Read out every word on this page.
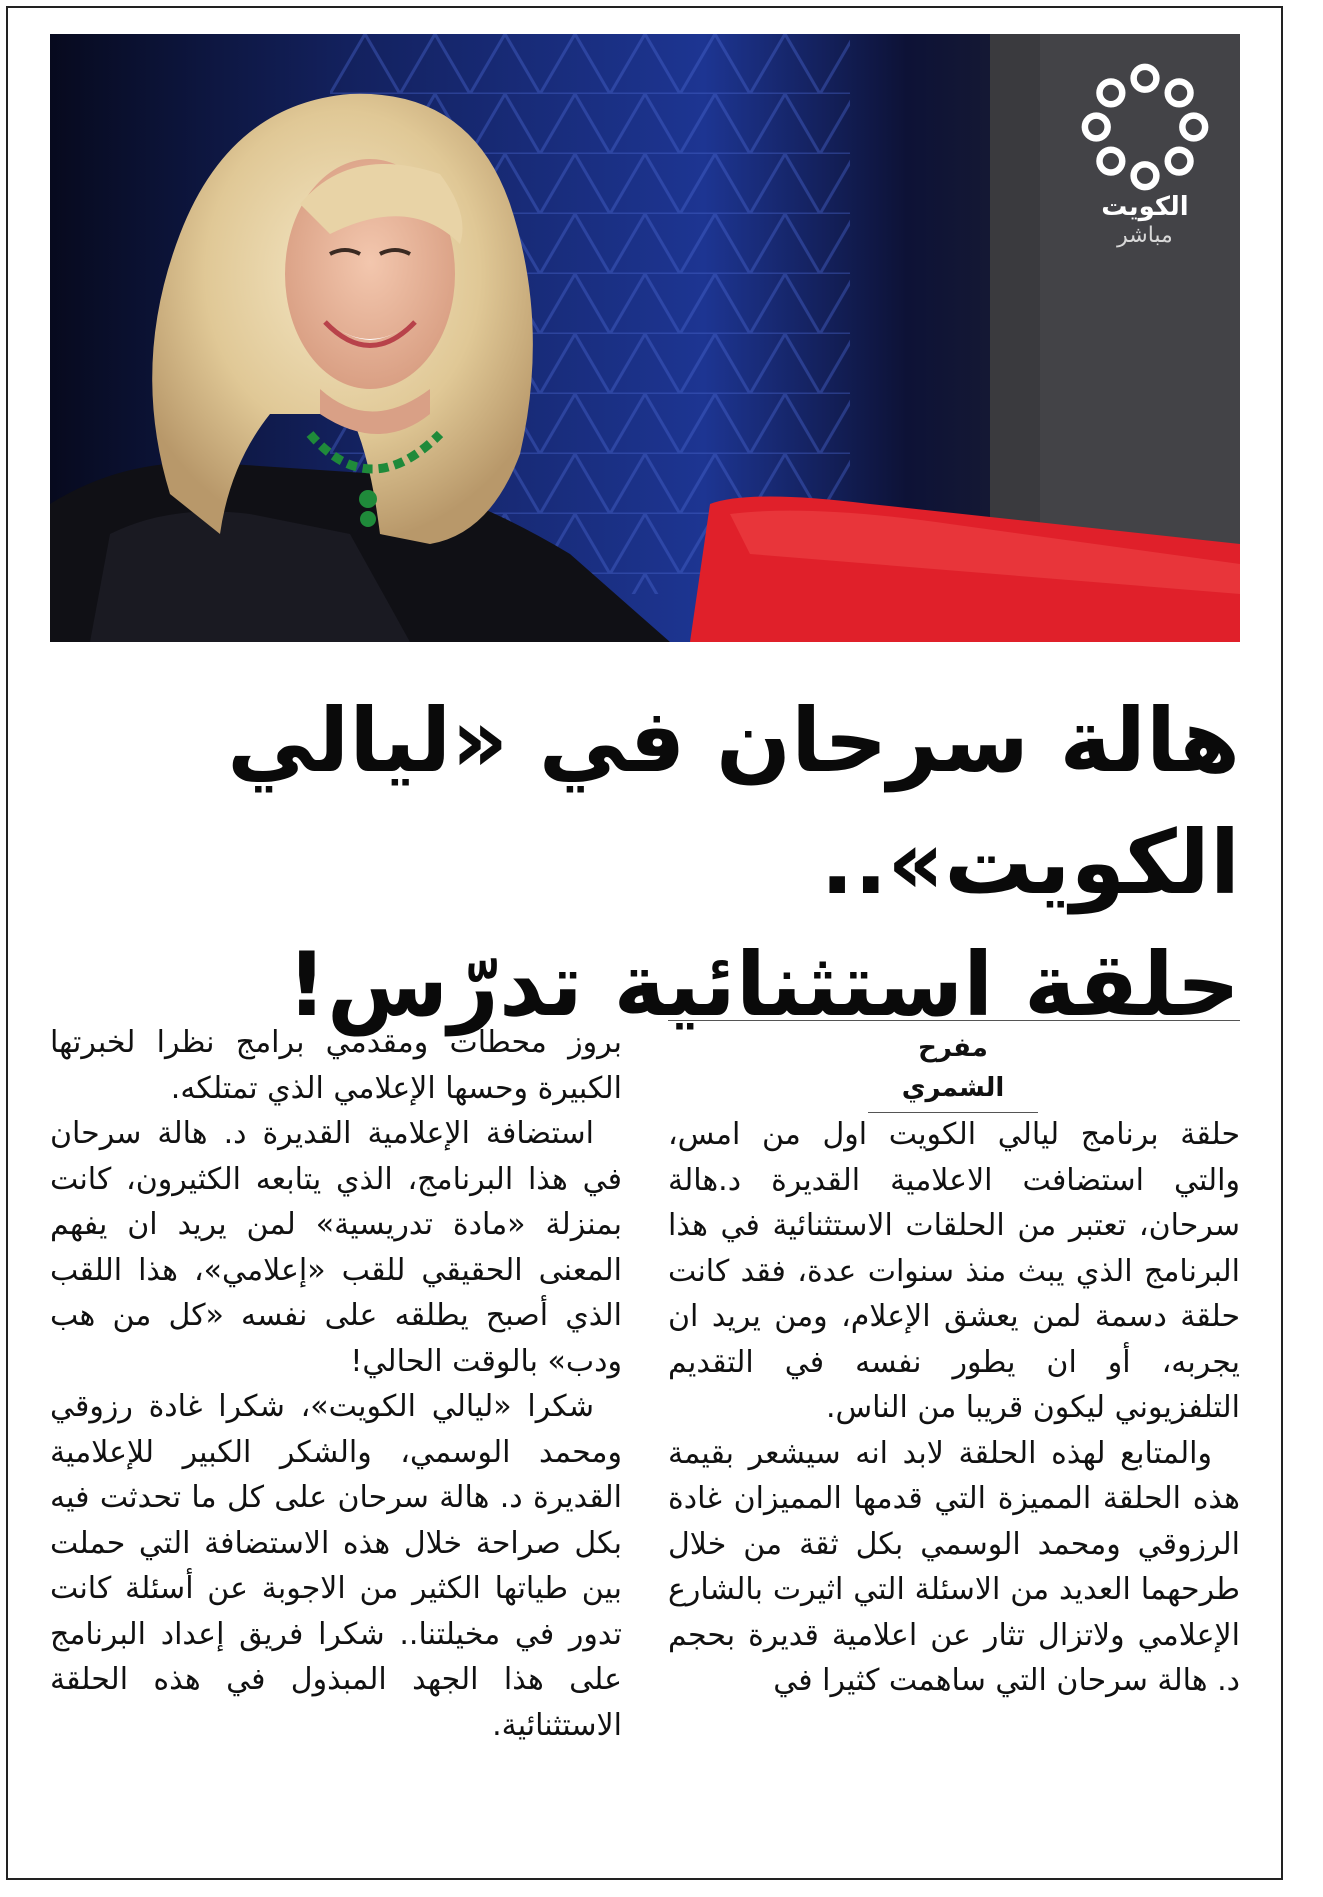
الكويت
مباشر
هالة سرحان في «ليالي الكويت»..
حلقة استثنائية تدرّس!
مفرح الشمري

حلقة برنامج ليالي الكويت اول من امس، والتي استضافت الاعلامية القديرة د.هالة سرحان، تعتبر من الحلقات الاستثنائية في هذا البرنامج الذي يبث منذ سنوات عدة، فقد كانت حلقة دسمة لمن يعشق الإعلام، ومن يريد ان يجربه، أو ان يطور نفسه في التقديم التلفزيوني ليكون قريبا من الناس.

والمتابع لهذه الحلقة لابد انه سيشعر بقيمة هذه الحلقة المميزة التي قدمها المميزان غادة الرزوقي ومحمد الوسمي بكل ثقة من خلال طرحهما العديد من الاسئلة التي اثيرت بالشارع الإعلامي ولاتزال تثار عن اعلامية قديرة بحجم د. هالة سرحان التي ساهمت كثيرا في

بروز محطات ومقدمي برامج نظرا لخبرتها الكبيرة وحسها الإعلامي الذي تمتلكه.

استضافة الإعلامية القديرة د. هالة سرحان في هذا البرنامج، الذي يتابعه الكثيرون، كانت بمنزلة «مادة تدريسية» لمن يريد ان يفهم المعنى الحقيقي للقب «إعلامي»، هذا اللقب الذي أصبح يطلقه على نفسه «كل من هب ودب» بالوقت الحالي!

شكرا «ليالي الكويت»، شكرا غادة رزوقي ومحمد الوسمي، والشكر الكبير للإعلامية القديرة د. هالة سرحان على كل ما تحدثت فيه بكل صراحة خلال هذه الاستضافة التي حملت بين طياتها الكثير من الاجوبة عن أسئلة كانت تدور في مخيلتنا.. شكرا فريق إعداد البرنامج على هذا الجهد المبذول في هذه الحلقة الاستثنائية.
